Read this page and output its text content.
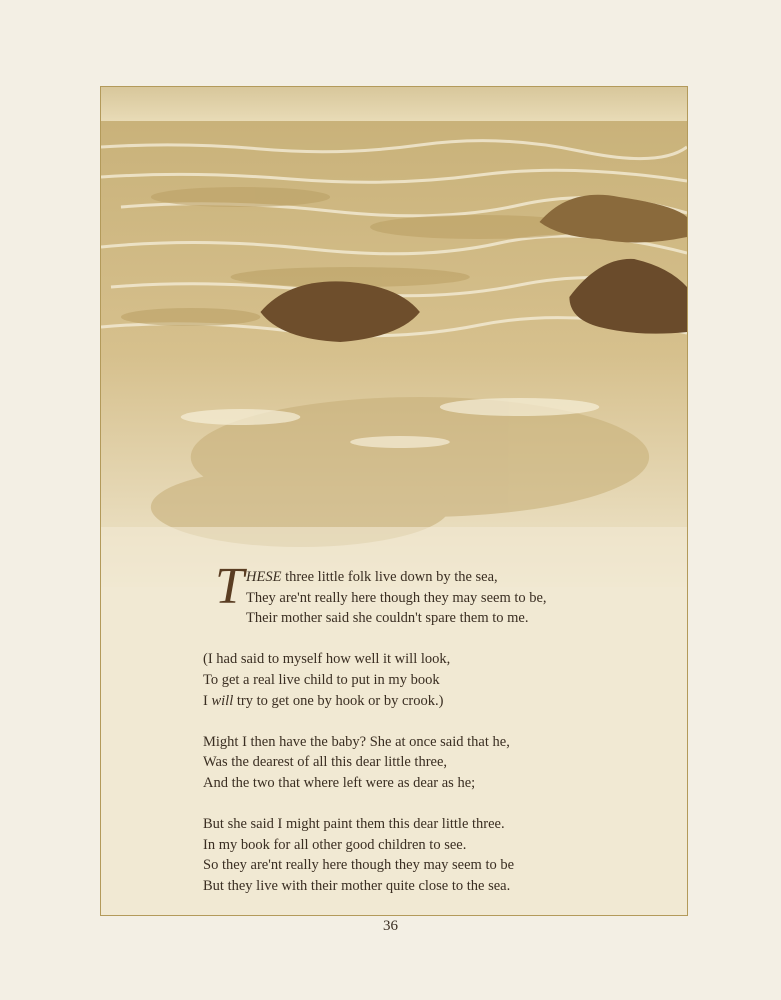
T HESE three little folk live down by the sea,
They are'nt really here though they may seem to be,
Their mother said she couldn't spare them to me.
(I had said to myself how well it will look,
To get a real live child to put in my book
I will try to get one by hook or by crook.)
Might I then have the baby? She at once said that he,
Was the dearest of all this dear little three,
And the two that where left were as dear as he;
But she said I might paint them this dear little three.
In my book for all other good children to see.
So they are'nt really here though they may seem to be
But they live with their mother quite close to the sea.
36
